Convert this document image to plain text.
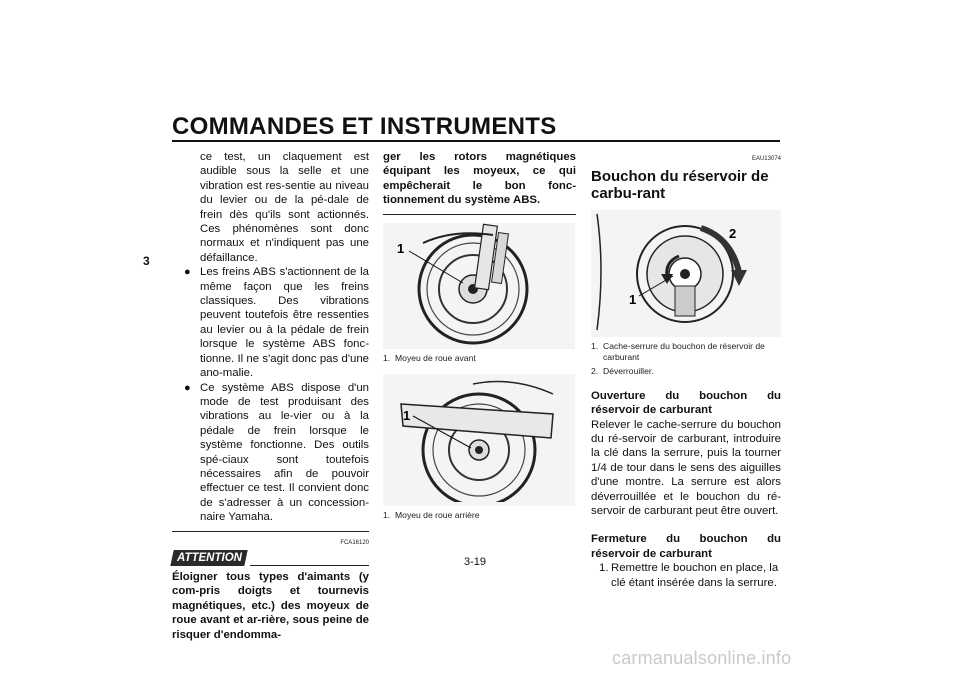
COMMANDES ET INSTRUMENTS
3

ce test, un claquement est audible sous la selle et une vibration est res-sentie au niveau du levier ou de la pé-dale de frein dès qu'ils sont actionnés. Ces phénomènes sont donc normaux et n'indiquent pas une défaillance.

● Les freins ABS s'actionnent de la même façon que les freins classiques. Des vibrations peuvent toutefois être ressenties au levier ou à la pédale de frein lorsque le système ABS fonc-tionne. Il ne s'agit donc pas d'une ano-malie.
● Ce système ABS dispose d'un mode de test produisant des vibrations au le-vier ou à la pédale de frein lorsque le système fonctionne. Des outils spé-ciaux sont toutefois nécessaires afin de pouvoir effectuer ce test. Il convient donc de s'adresser à un concession-naire Yamaha.
FCA16120
ATTENTION

Éloigner tous types d'aimants (y com-pris doigts et tournevis magnétiques, etc.) des moyeux de roue avant et ar-rière, sous peine de risquer d'endomma-

ger les rotors magnétiques équipant les moyeux, ce qui empêcherait le bon fonc-tionnement du système ABS.

1
1. Moyeu de roue avant
1
1. Moyeu de roue arrière
EAU13074
Bouchon du réservoir de carbu-rant
1
2
1. Cache-serrure du bouchon de réservoir de carburant
2. Déverrouiller.

Ouverture du bouchon du réservoir de carburant

Relever le cache-serrure du bouchon du ré-servoir de carburant, introduire la clé dans la serrure, puis la tourner 1/4 de tour dans le sens des aiguilles d'une montre. La serrure est alors déverrouillée et le bouchon du ré-servoir de carburant peut être ouvert.

Fermeture du bouchon du réservoir de carburant

1. Remettre le bouchon en place, la clé étant insérée dans la serrure.
3-19
carmanualsonline.info
